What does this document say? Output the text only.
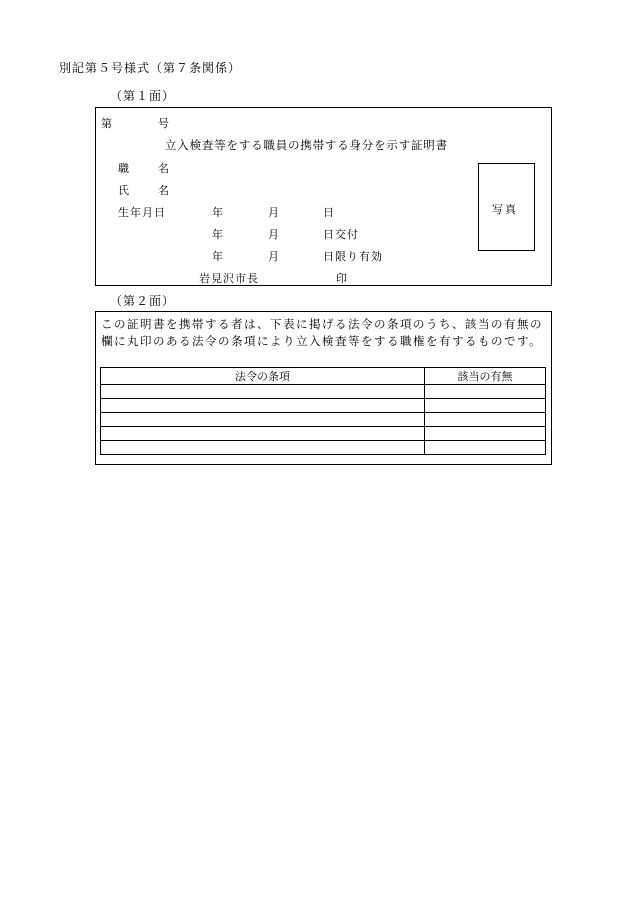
別記第５号様式（第７条関係）
（第１面）
第	号
立入検査等をする職員の携帯する身分を示す証明書
職	名
氏	名
生年月日	年	月	日
年	月	日交付
年	月	日限り有効
岩見沢市長	印
写真
（第２面）
この証明書を携帯する者は、下表に掲げる法令の条項のうち、該当の有無の欄に丸印のある法令の条項により立入検査等をする職権を有するものです。
法令の条項	該当の有無
